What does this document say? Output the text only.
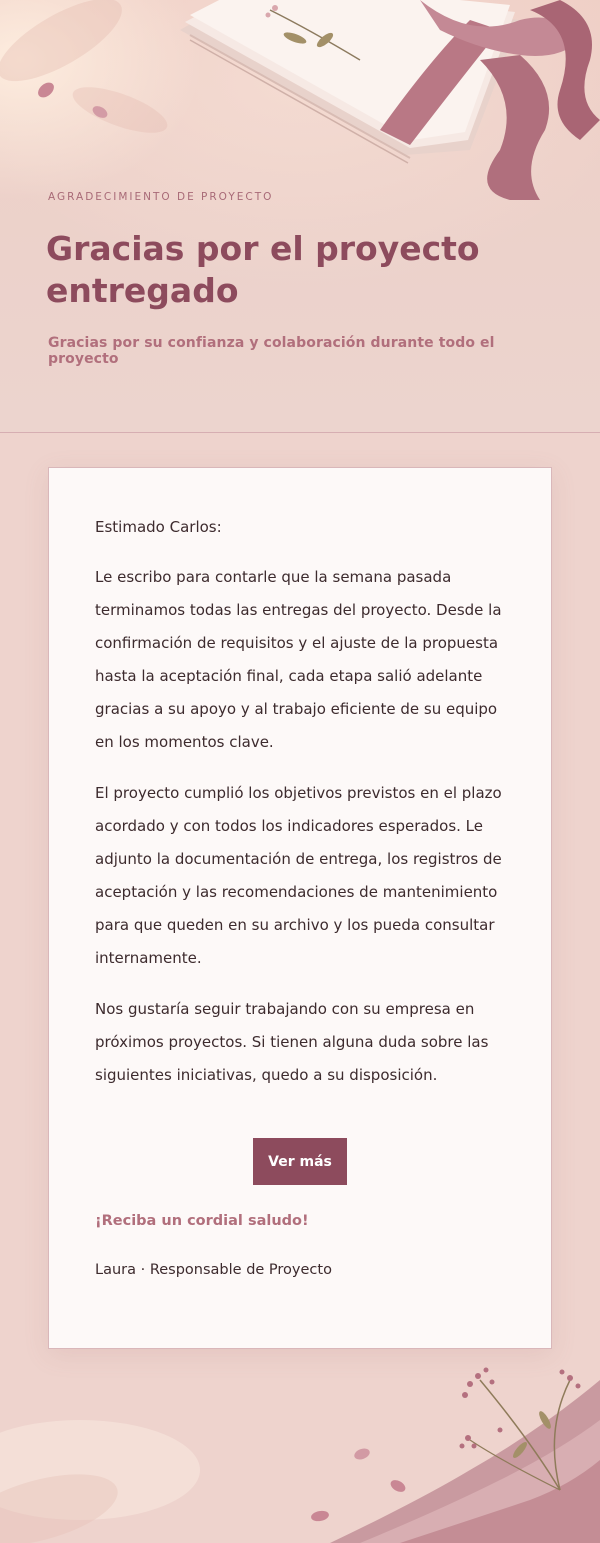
AGRADECIMIENTO DE PROYECTO
Gracias por el proyecto entregado
Gracias por su confianza y colaboración durante todo el proyecto
Estimado Carlos:

Le escribo para contarle que la semana pasada terminamos todas las entregas del proyecto. Desde la confirmación de requisitos y el ajuste de la propuesta hasta la aceptación final, cada etapa salió adelante gracias a su apoyo y al trabajo eficiente de su equipo en los momentos clave.

El proyecto cumplió los objetivos previstos en el plazo acordado y con todos los indicadores esperados. Le adjunto la documentación de entrega, los registros de aceptación y las recomendaciones de mantenimiento para que queden en su archivo y los pueda consultar internamente.

Nos gustaría seguir trabajando con su empresa en próximos proyectos. Si tienen alguna duda sobre las siguientes iniciativas, quedo a su disposición.

Ver más
¡Reciba un cordial saludo!
Laura · Responsable de Proyecto
